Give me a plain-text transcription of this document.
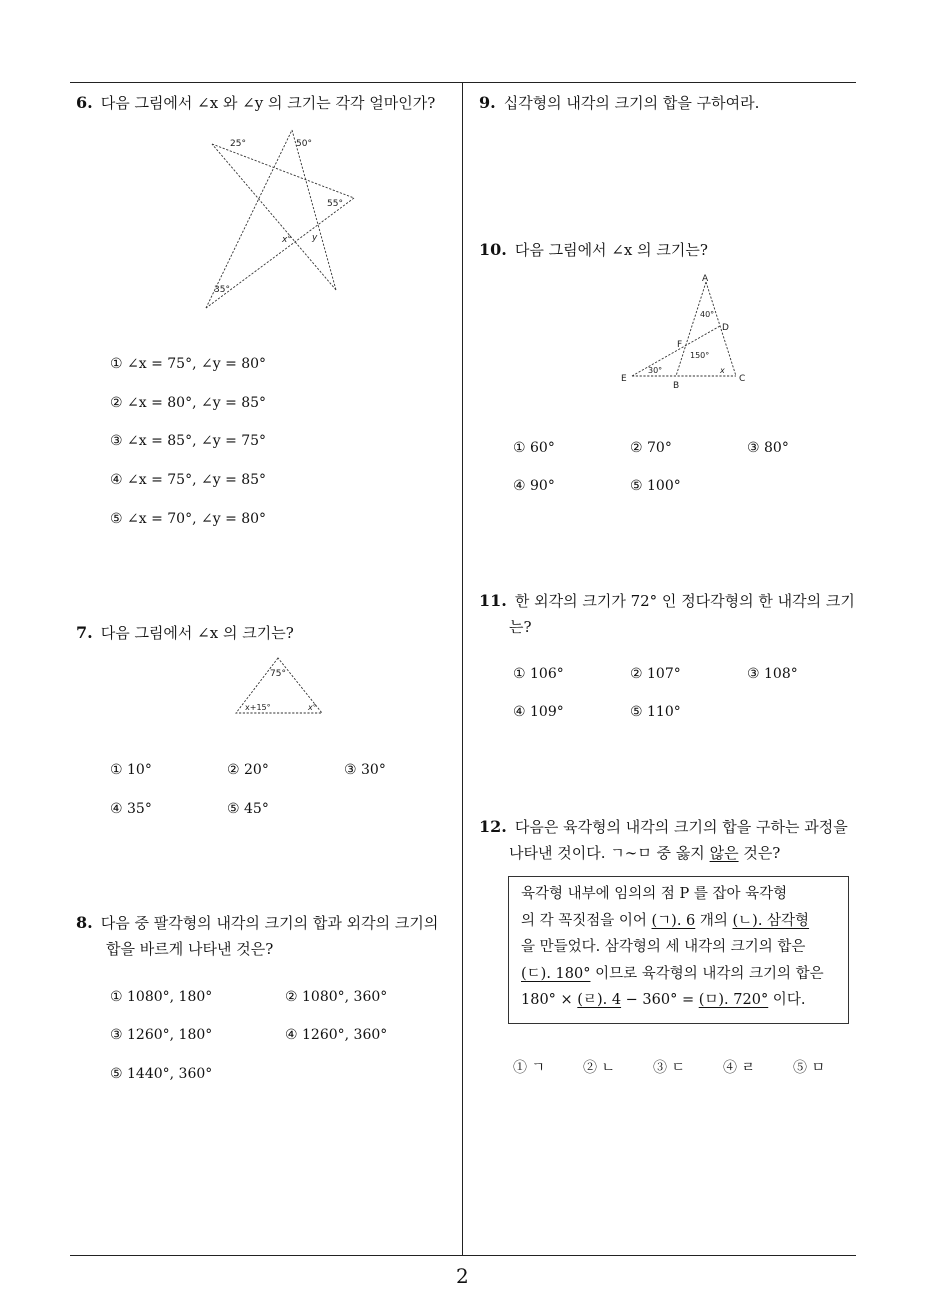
2
6. 다음 그림에서 ∠x 와 ∠y 의 크기는 각각 얼마인가?
25°	50°
55°
x° y
35°
① ∠x = 75°, ∠y = 80°
② ∠x = 80°, ∠y = 85°
③ ∠x = 85°, ∠y = 75°
④ ∠x = 75°, ∠y = 85°
⑤ ∠x = 70°, ∠y = 80°
7. 다음 그림에서 ∠x 의 크기는?
75°
x+15°	x°
① 10°	② 20°	③ 30°
④ 35°	⑤ 45°
8. 다음 중 팔각형의 내각의 크기의 합과 외각의 크기의
합을 바르게 나타낸 것은?
① 1080°, 180°	② 1080°, 360°
③ 1260°, 180°	④ 1260°, 360°
⑤ 1440°, 360°
9. 십각형의 내각의 크기의 합을 구하여라.
10. 다음 그림에서 ∠x 의 크기는?
A
D
F
E
B
C
40°
150°
30°	x
① 60°	② 70°	③ 80°
④ 90°	⑤ 100°
11. 한 외각의 크기가 72° 인 정다각형의 한 내각의 크기
는?
① 106°	② 107°	③ 108°
④ 109°	⑤ 110°
12. 다음은 육각형의 내각의 크기의 합을 구하는 과정을
나타낸 것이다. ㄱ∼ㅁ 중 옳지 않은 것은?
육각형 내부에 임의의 점 P 를 잡아 육각형
의 각 꼭짓점을 이어 (ㄱ). 6 개의 (ㄴ). 삼각형
을 만들었다. 삼각형의 세 내각의 크기의 합은
(ㄷ). 180° 이므로 육각형의 내각의 크기의 합은
180° × (ㄹ). 4 − 360° = (ㅁ). 720° 이다.
① ㄱ	② ㄴ	③ ㄷ	④ ㄹ	⑤ ㅁ
